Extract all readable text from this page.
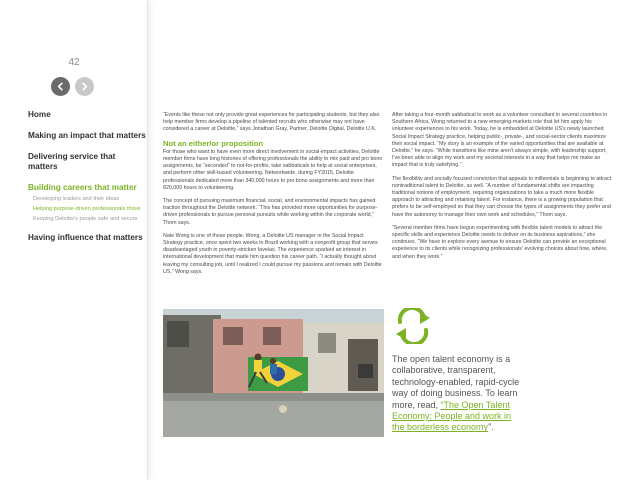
42
Home
Making an impact that matters
Delivering service that matters
Building careers that matter
Developing leaders and their ideas
Helping purpose-driven professionals thrive
Keeping Deloitte's people safe and secure
Having influence that matters

“Events like these not only provide great experiences for participating students, but they also help member firms develop a pipeline of talented recruits who otherwise may not have considered a career at Deloitte,” says Jonathan Gray, Partner, Deloitte Digital, Deloitte U.K.

Not an either/or proposition

For those who want to have even more direct involvement in social-impact activities, Deloitte member firms have long histories of offering professionals the ability to mix paid and pro bono assignments, be “seconded” to not-for-profits, take sabbaticals to help at social enterprises, and perform other skill-based volunteering. Networkwide, during FY2015, Deloitte professionals dedicated more than 340,000 hours to pro bono assignments and more than 820,000 hours to volunteering.

The concept of pursuing maximum financial, social, and environmental impacts has gained traction throughout the Deloitte network. “This has provided more opportunities for purpose-driven professionals to pursue personal pursuits while working within the corporate world,” Thom says.

Nate Wong is one of those people. Wong, a Deloitte US manager in the Social Impact Strategy practice, once spent two weeks in Brazil working with a nonprofit group that serves disadvantaged youth in poverty-stricken favelas. The experience sparked an interest in international development that made him question his career path. “I actually thought about leaving my consulting job, until I realized I could pursue my passions and remain with Deloitte US,” Wong says.

After taking a four-month sabbatical to work as a volunteer consultant in several countries in Southern Africa, Wong returned to a new emerging-markets role that let him apply his volunteer experiences to his work. Today, he is embedded at Deloitte US's newly launched Social Impact Strategy practice, helping public-, private-, and social-sector clients maximize their social impact. “My story is an example of the varied opportunities that are available at Deloitte,” he says. “While transitions like mine aren't always simple, with leadership support, I've been able to align my work and my societal interests in a way that helps me make an impact that is truly satisfying.”

The flexibility and socially focused conviction that appeals to millennials is beginning to attract nontraditional talent to Deloitte, as well. “A number of fundamental shifts are impacting traditional notions of employment, requiring organizations to take a much more flexible approach to attracting and retaining talent. For instance, there is a growing population that prefers to be self-employed so that they can choose the types of assignments they prefer and have the autonomy to manage their own work and schedules,” Thom says.

“Several member firms have begun experimenting with flexible talent models to attract the specific skills and experience Deloitte needs to deliver on its business aspirations,” she continues. “We have to explore every avenue to ensure Deloitte can provide an exceptional experience to its clients while recognizing professionals' evolving choices about how, where, and when they work.”

The open talent economy is a collaborative, transparent, technology-enabled, rapid-cycle way of doing business. To learn more, read, “The Open Talent Economy: People and work in the borderless economy”.
